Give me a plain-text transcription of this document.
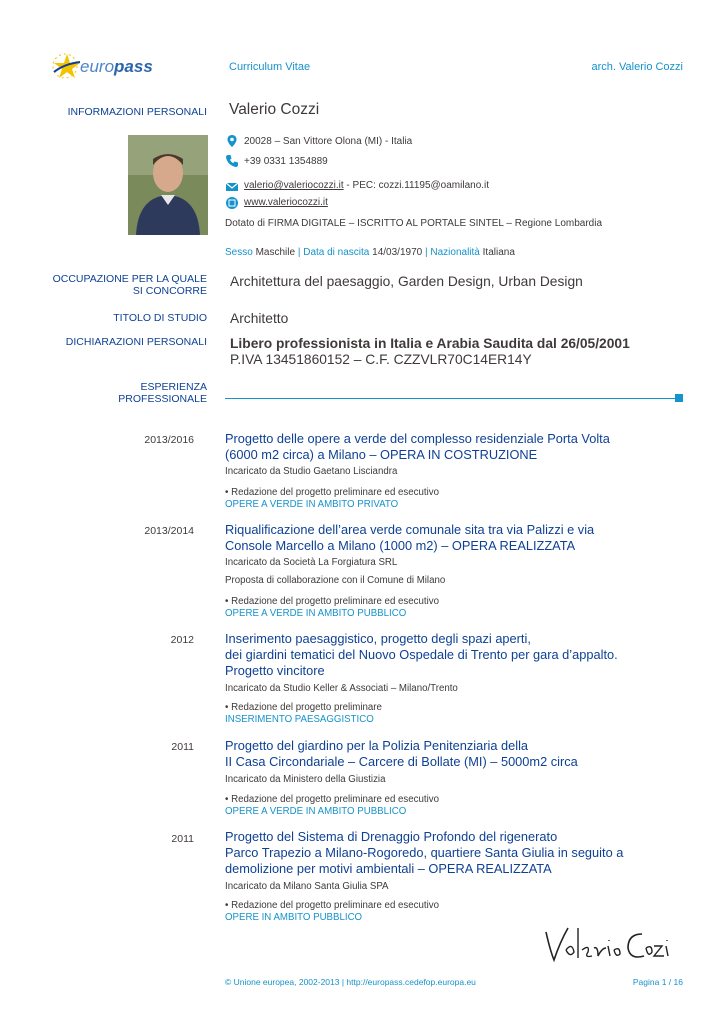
europass	Curriculum Vitae	arch. Valerio Cozzi
INFORMAZIONI PERSONALI Valerio Cozzi
20028 – San Vittore Olona (MI) - Italia
+39 0331 1354889
valerio@valeriocozzi.it - PEC: cozzi.11195@oamilano.it
www.valeriocozzi.it
Dotato di FIRMA DIGITALE – ISCRITTO AL PORTALE SINTEL – Regione Lombardia
Sesso Maschile | Data di nascita 14/03/1970 | Nazionalità Italiana
OCCUPAZIONE PER LA QUALE
SI CONCORRE
Architettura del paesaggio, Garden Design, Urban Design
TITOLO DI STUDIO Architetto
DICHIARAZIONI PERSONALI Libero professionista in Italia e Arabia Saudita dal 26/05/2001
P.IVA 13451860152 – C.F. CZZVLR70C14ER14Y
ESPERIENZA
PROFESSIONALE
2013/2016 Progetto delle opere a verde del complesso residenziale Porta Volta
(6000 m2 circa) a Milano – OPERA IN COSTRUZIONE
Incaricato da Studio Gaetano Lisciandra
• Redazione del progetto preliminare ed esecutivo
OPERE A VERDE IN AMBITO PRIVATO
2013/2014 Riqualificazione dell’area verde comunale sita tra via Palizzi e via
Console Marcello a Milano (1000 m2) – OPERA REALIZZATA
Incaricato da Società La Forgiatura SRL
Proposta di collaborazione con il Comune di Milano
• Redazione del progetto preliminare ed esecutivo
OPERE A VERDE IN AMBITO PUBBLICO
2012 Inserimento paesaggistico, progetto degli spazi aperti,
dei giardini tematici del Nuovo Ospedale di Trento per gara d’appalto.
Progetto vincitore
Incaricato da Studio Keller & Associati – Milano/Trento
• Redazione del progetto preliminare
INSERIMENTO PAESAGGISTICO
2011 Progetto del giardino per la Polizia Penitenziaria della
II Casa Circondariale – Carcere di Bollate (MI) – 5000m2 circa
Incaricato da Ministero della Giustizia
• Redazione del progetto preliminare ed esecutivo
OPERE A VERDE IN AMBITO PUBBLICO
2011 Progetto del Sistema di Drenaggio Profondo del rigenerato
Parco Trapezio a Milano-Rogoredo, quartiere Santa Giulia in seguito a
demolizione per motivi ambientali – OPERA REALIZZATA
Incaricato da Milano Santa Giulia SPA
• Redazione del progetto preliminare ed esecutivo
OPERE IN AMBITO PUBBLICO
© Unione europea, 2002-2013 | http://europass.cedefop.europa.eu	Pagina 1 / 16
